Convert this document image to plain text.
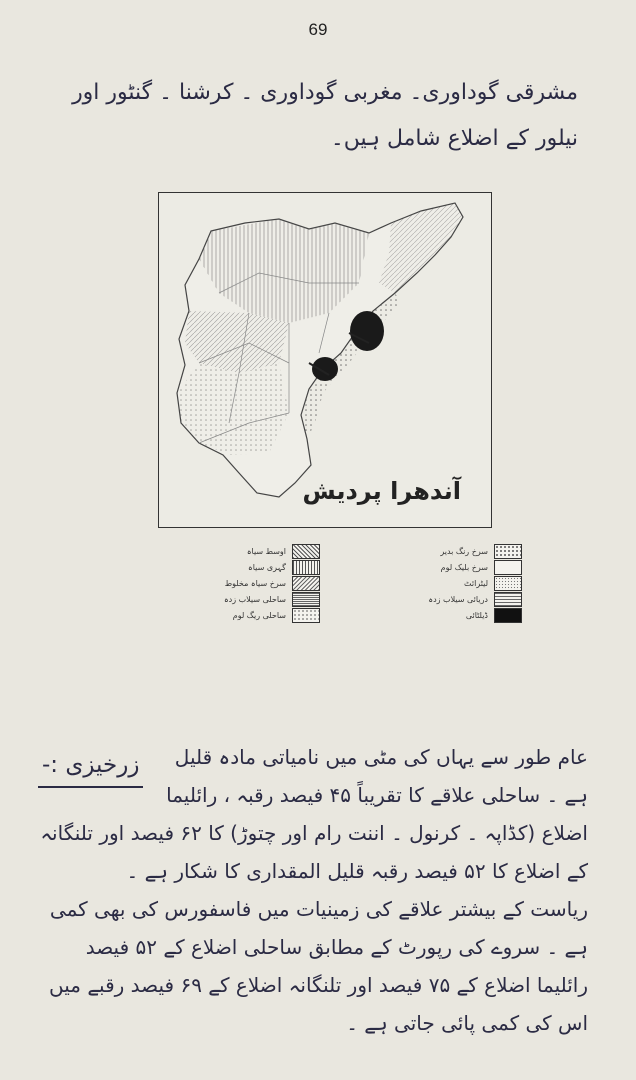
69
مشرقی گوداوری۔ مغربی گوداوری ۔ کرشنا ۔ گنٹور اور نیلور کے اضلاع شامل ہیں۔
آندھرا پردیش
سرخ رنگ بدیر
سرخ بلیک لوم
لیٹرائٹ
دریائی سیلاب زدہ
ڈیلٹائی
اوسط سیاہ
گہری سیاہ
سرخ سیاہ مخلوط
ساحلی سیلاب زدہ
ساحلی ریگ لوم
زرخیزی :-	عام طور سے یہاں کی مٹی میں نامیاتی مادہ قلیل ہے ۔ ساحلی علاقے کا تقریباً ۴۵ فیصد رقبہ ، رائلیما اضلاع (کڈاپہ ۔ کرنول ۔ اننت رام اور چتوڑ) کا ۶۲ فیصد اور تلنگانہ کے اضلاع کا ۵۲ فیصد رقبہ قلیل المقداری کا شکار ہے ۔

ریاست کے بیشتر علاقے کی زمینیات میں فاسفورس کی بھی کمی ہے ۔ سروے کی رپورٹ کے مطابق ساحلی اضلاع کے ۵۲ فیصد رائلیما اضلاع کے ۷۵ فیصد اور تلنگانہ اضلاع کے ۶۹ فیصد رقبے میں اس کی کمی پائی جاتی ہے ۔
